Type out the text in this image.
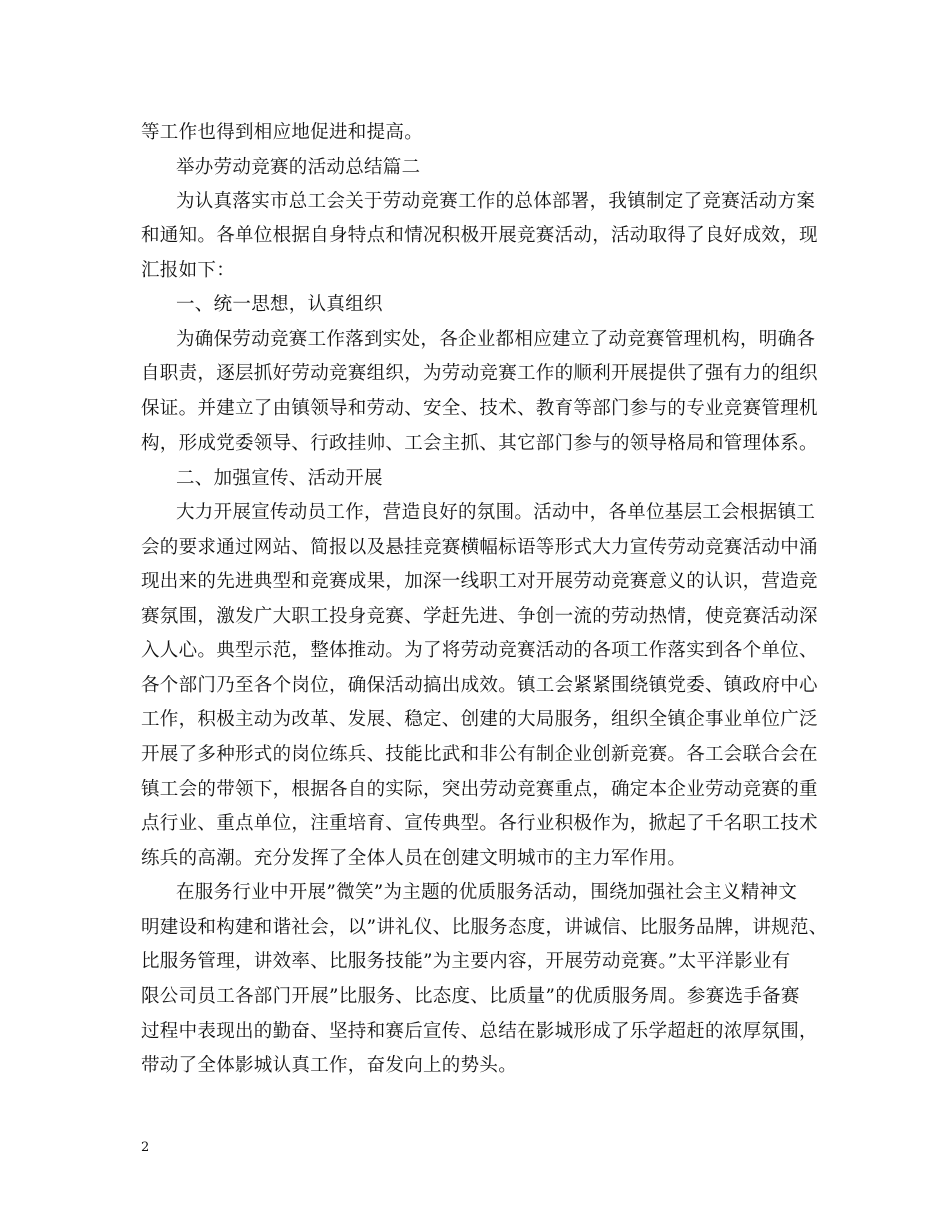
等工作也得到相应地促进和提高。
举办劳动竞赛的活动总结篇二
为认真落实市总工会关于劳动竞赛工作的总体部署，我镇制定了竞赛活动方案
和通知。各单位根据自身特点和情况积极开展竞赛活动，活动取得了良好成效，现
汇报如下：
一、统一思想，认真组织
为确保劳动竞赛工作落到实处，各企业都相应建立了动竞赛管理机构，明确各
自职责，逐层抓好劳动竞赛组织，为劳动竞赛工作的顺利开展提供了强有力的组织
保证。并建立了由镇领导和劳动、安全、技术、教育等部门参与的专业竞赛管理机
构，形成党委领导、行政挂帅、工会主抓、其它部门参与的领导格局和管理体系。
二、加强宣传、活动开展
大力开展宣传动员工作，营造良好的氛围。活动中，各单位基层工会根据镇工
会的要求通过网站、简报以及悬挂竞赛横幅标语等形式大力宣传劳动竞赛活动中涌
现出来的先进典型和竞赛成果，加深一线职工对开展劳动竞赛意义的认识，营造竞
赛氛围，激发广大职工投身竞赛、学赶先进、争创一流的劳动热情，使竞赛活动深
入人心。典型示范，整体推动。为了将劳动竞赛活动的各项工作落实到各个单位、
各个部门乃至各个岗位，确保活动搞出成效。镇工会紧紧围绕镇党委、镇政府中心
工作，积极主动为改革、发展、稳定、创建的大局服务，组织全镇企事业单位广泛
开展了多种形式的岗位练兵、技能比武和非公有制企业创新竞赛。各工会联合会在
镇工会的带领下，根据各自的实际，突出劳动竞赛重点，确定本企业劳动竞赛的重
点行业、重点单位，注重培育、宣传典型。各行业积极作为，掀起了千名职工技术
练兵的高潮。充分发挥了全体人员在创建文明城市的主力军作用。
在服务行业中开展”微笑”为主题的优质服务活动，围绕加强社会主义精神文
明建设和构建和谐社会，以”讲礼仪、比服务态度，讲诚信、比服务品牌，讲规范、
比服务管理，讲效率、比服务技能”为主要内容，开展劳动竞赛。”太平洋影业有
限公司员工各部门开展”比服务、比态度、比质量”的优质服务周。参赛选手备赛
过程中表现出的勤奋、坚持和赛后宣传、总结在影城形成了乐学超赶的浓厚氛围，
带动了全体影城认真工作，奋发向上的势头。
2
